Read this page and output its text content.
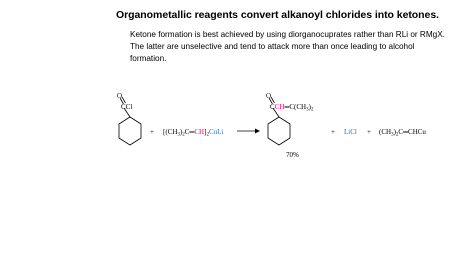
Organometallic reagents convert alkanoyl chlorides into ketones.
Ketone formation is best achieved by using diorganocuprates rather than RLi or RMgX. The latter are unselective and tend to attack more than once leading to alcohol formation.
O
CCl
+ $[(CH_3)_2C═CH]_2CuLi$
O
$CCH═C(CH_3)_2$
70%
+ LiCl + $(CH_3)_2C═CHCu$
